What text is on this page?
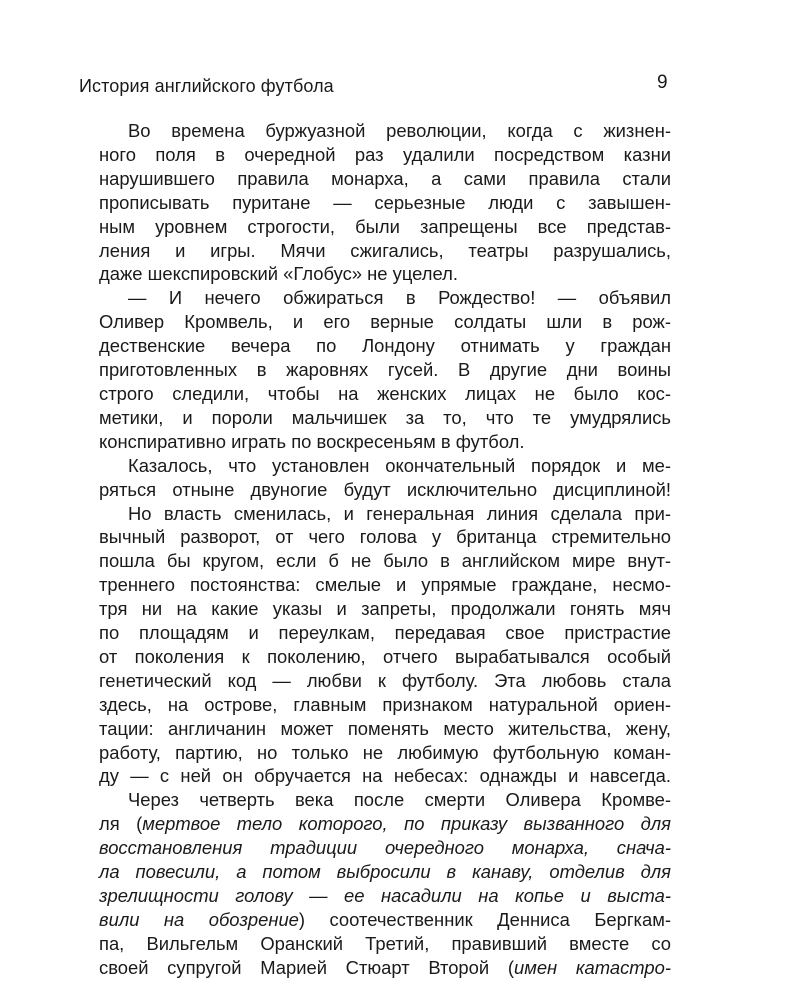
История английского футбола	9
Во времена буржуазной революции, когда с жизнен-
ного поля в очередной раз удалили посредством казни
нарушившего правила монарха, а сами правила стали
прописывать пуритане — серьезные люди с завышен-
ным уровнем строгости, были запрещены все представ-
ления и игры. Мячи сжигались, театры разрушались,
даже шекспировский «Глобус» не уцелел.
— И нечего обжираться в Рождество! — объявил
Оливер Кромвель, и его верные солдаты шли в рож-
дественские вечера по Лондону отнимать у граждан
приготовленных в жаровнях гусей. В другие дни воины
строго следили, чтобы на женских лицах не было кос-
метики, и пороли мальчишек за то, что те умудрялись
конспиративно играть по воскресеньям в футбол.
Казалось, что установлен окончательный порядок и ме-
ряться отныне двуногие будут исключительно дисциплиной!
Но власть сменилась, и генеральная линия сделала при-
вычный разворот, от чего голова у британца стремительно
пошла бы кругом, если б не было в английском мире внут-
треннего постоянства: смелые и упрямые граждане, несмо-
тря ни на какие указы и запреты, продолжали гонять мяч
по площадям и переулкам, передавая свое пристрастие
от поколения к поколению, отчего вырабатывался особый
генетический код — любви к футболу. Эта любовь стала
здесь, на острове, главным признаком натуральной ориен-
тации: англичанин может поменять место жительства, жену,
работу, партию, но только не любимую футбольную коман-
ду — с ней он обручается на небесах: однажды и навсегда.
Через четверть века после смерти Оливера Кромве-
ля (мертвое тело которого, по приказу вызванного для
восстановления традиции очередного монарха, снача-
ла повесили, а потом выбросили в канаву, отделив для
зрелищности голову — ее насадили на копье и выста-
вили на обозрение) соотечественник Денниса Бергкам-
па, Вильгельм Оранский Третий, правивший вместе со
своей супругой Марией Стюарт Второй (имен катастро-
